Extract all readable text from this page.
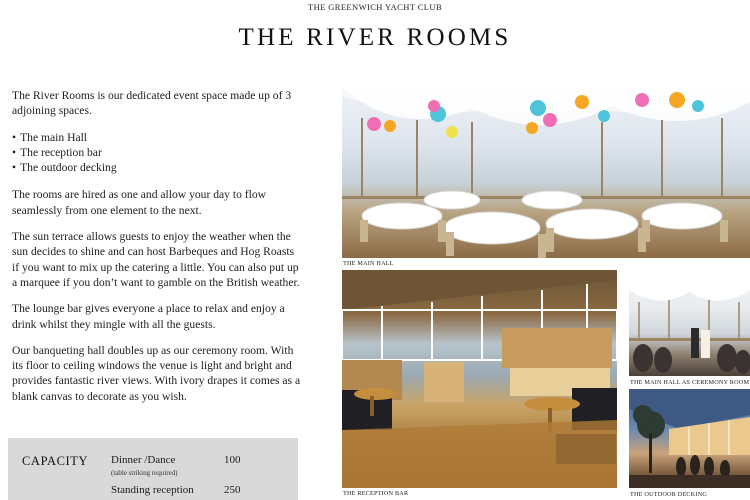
THE GREENWICH YACHT CLUB
THE RIVER ROOMS

The River Rooms is our dedicated event space made up of 3 adjoining spaces.

• The main Hall
• The reception bar
• The outdoor decking

The rooms are hired as one and allow your day to flow seamlessly from one element to the next.

The sun terrace allows guests to enjoy the weather when the sun decides to shine and can host Barbeques and Hog Roasts if you want to mix up the catering a little. You can also put up a marquee if you don’t want to gamble on the British weather.

The lounge bar gives everyone a place to relax and enjoy a drink whilst they mingle with all the guests.

Our banqueting hall doubles up as our ceremony room. With its floor to ceiling windows the venue is light and bright and provides fantastic river views. With ivory drapes it comes as a blank canvas to decorate as you wish.

CAPACITY Dinner /Dance
(table striking required)
100
Standing reception	250
THE MAIN HALL
THE RECEPTION BAR
THE MAIN HALL AS CEREMONY ROOM
THE OUTDOOR DECKING
